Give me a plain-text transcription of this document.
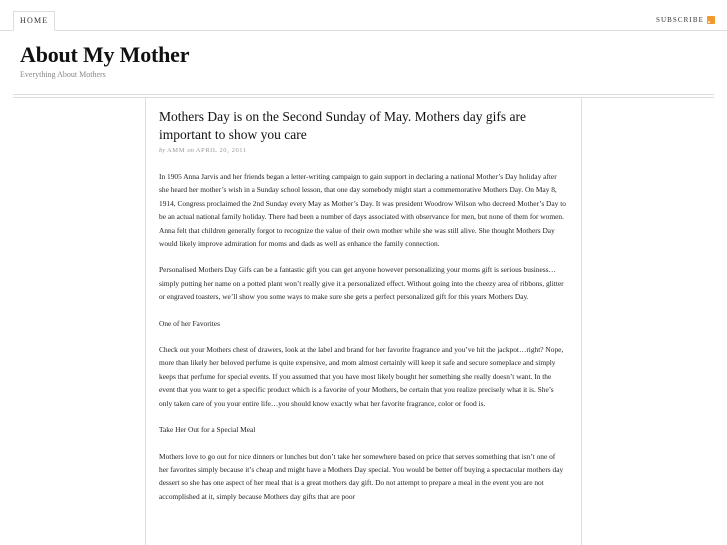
HOME	SUBSCRIBE
About My Mother
Everything About Mothers
Mothers Day is on the Second Sunday of May. Mothers day gifs are important to show you care
by AMM on APRIL 20, 2011

In 1905 Anna Jarvis and her friends began a letter-writing campaign to gain support in declaring a national Mother’s Day holiday after she heard her mother’s wish in a Sunday school lesson, that one day somebody might start a commemorative Mothers Day. On May 8, 1914, Congress proclaimed the 2nd Sunday every May as Mother’s Day. It was president Woodrow Wilson who decreed Mother’s Day to be an actual national family holiday. There had been a number of days associated with observance for men, but none of them for women. Anna felt that children generally forgot to recognize the value of their own mother while she was still alive. She thought Mothers Day would likely improve admiration for moms and dads as well as enhance the family connection.

Personalised Mothers Day Gifs can be a fantastic gift you can get anyone however personalizing your moms gift is serious business… simply putting her name on a potted plant won’t really give it a personalized effect. Without going into the cheezy area of ribbons, glitter or engraved toasters, we’ll show you some ways to make sure she gets a perfect personalized gift for this years Mothers Day.

One of her Favorites

Check out your Mothers chest of drawers, look at the label and brand for her favorite fragrance and you’ve hit the jackpot…right? Nope, more than likely her beloved perfume is quite expensive, and mom almost certainly will keep it safe and secure someplace and simply keeps that perfume for special events. If you assumed that you have most likely bought her something she really doesn’t want. In the event that you want to get a specific product which is a favorite of your Mothers, be certain that you realize precisely what it is. She’s only taken care of you your entire life…you should know exactly what her favorite fragrance, color or food is.

Take Her Out for a Special Meal

Mothers love to go out for nice dinners or lunches but don’t take her somewhere based on price that serves something that isn’t one of her favorites simply because it’s cheap and might have a Mothers Day special. You would be better off buying a spectacular mothers day dessert so she has one aspect of her meal that is a great mothers day gift. Do not attempt to prepare a meal in the event you are not accomplished at it, simply because Mothers day gifts that are poor
